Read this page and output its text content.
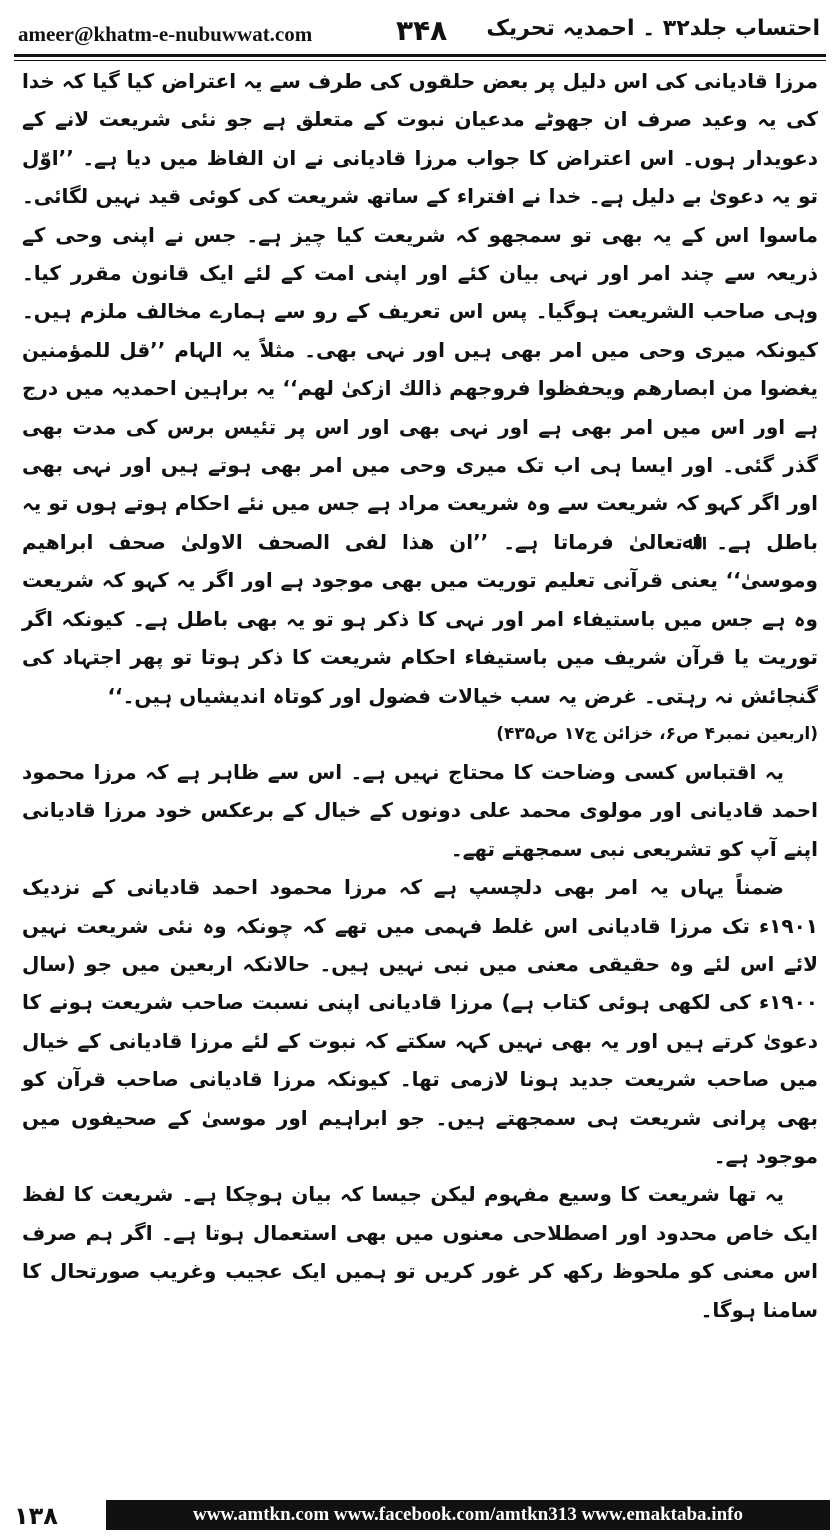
ameer@khatm-e-nubuwwat.com	۳۴۸ احتساب جلد۳۲ ۔ احمدیہ تحریک

مرزا قادیانی کی اس دلیل پر بعض حلقوں کی طرف سے یہ اعتراض کیا گیا کہ خدا کی یہ وعید صرف ان جھوٹے مدعیان نبوت کے متعلق ہے جو نئی شریعت لانے کے دعویدار ہوں۔ اس اعتراض کا جواب مرزا قادیانی نے ان الفاظ میں دیا ہے۔ ’’اوّل تو یہ دعویٰ بے دلیل ہے۔ خدا نے افتراء کے ساتھ شریعت کی کوئی قید نہیں لگائی۔ ماسوا اس کے یہ بھی تو سمجھو کہ شریعت کیا چیز ہے۔ جس نے اپنی وحی کے ذریعہ سے چند امر اور نہی بیان کئے اور اپنی امت کے لئے ایک قانون مقرر کیا۔ وہی صاحب الشریعت ہوگیا۔ پس اس تعریف کے رو سے ہمارے مخالف ملزم ہیں۔ کیونکہ میری وحی میں امر بھی ہیں اور نہی بھی۔ مثلاً یہ الہام ’’قل للمؤمنین یغضوا من ابصارھم ویحفظوا فروجھم ذالك ازکیٰ لھم‘‘ یہ براہین احمدیہ میں درج ہے اور اس میں امر بھی ہے اور نہی بھی اور اس پر تئیس برس کی مدت بھی گذر گئی۔ اور ایسا ہی اب تک میری وحی میں امر بھی ہوتے ہیں اور نہی بھی اور اگر کہو کہ شریعت سے وہ شریعت مراد ہے جس میں نئے احکام ہوتے ہوں تو یہ باطل ہے۔ اﷲتعالیٰ فرماتا ہے۔ ’’ان ھذا لفی الصحف الاولیٰ صحف ابراھیم وموسیٰ‘‘ یعنی قرآنی تعلیم توریت میں بھی موجود ہے اور اگر یہ کہو کہ شریعت وہ ہے جس میں باستیفاء امر اور نہی کا ذکر ہو تو یہ بھی باطل ہے۔ کیونکہ اگر توریت یا قرآن شریف میں باستیفاء احکام شریعت کا ذکر ہوتا تو پھر اجتہاد کی گنجائش نہ رہتی۔ غرض یہ سب خیالات فضول اور کوتاہ اندیشیاں ہیں۔‘‘

(اربعین نمبر۴ ص۶، خزائن ج۱۷ ص۴۳۵)

یہ اقتباس کسی وضاحت کا محتاج نہیں ہے۔ اس سے ظاہر ہے کہ مرزا محمود احمد قادیانی اور مولوی محمد علی دونوں کے خیال کے برعکس خود مرزا قادیانی اپنے آپ کو تشریعی نبی سمجھتے تھے۔

ضمناً یہاں یہ امر بھی دلچسپ ہے کہ مرزا محمود احمد قادیانی کے نزدیک ۱۹۰۱ء تک مرزا قادیانی اس غلط فہمی میں تھے کہ چونکہ وہ نئی شریعت نہیں لائے اس لئے وہ حقیقی معنی میں نبی نہیں ہیں۔ حالانکہ اربعین میں جو (سال ۱۹۰۰ء کی لکھی ہوئی کتاب ہے) مرزا قادیانی اپنی نسبت صاحب شریعت ہونے کا دعویٰ کرتے ہیں اور یہ بھی نہیں کہہ سکتے کہ نبوت کے لئے مرزا قادیانی کے خیال میں صاحب شریعت جدید ہونا لازمی تھا۔ کیونکہ مرزا قادیانی صاحب قرآن کو بھی پرانی شریعت ہی سمجھتے ہیں۔ جو ابراہیم اور موسیٰ کے صحیفوں میں موجود ہے۔

یہ تھا شریعت کا وسیع مفہوم لیکن جیسا کہ بیان ہوچکا ہے۔ شریعت کا لفظ ایک خاص محدود اور اصطلاحی معنوں میں بھی استعمال ہوتا ہے۔ اگر ہم صرف اس معنی کو ملحوظ رکھ کر غور کریں تو ہمیں ایک عجیب وغریب صورتحال کا سامنا ہوگا۔

۱۳۸	www.amtkn.com www.facebook.com/amtkn313 www.emaktaba.info
